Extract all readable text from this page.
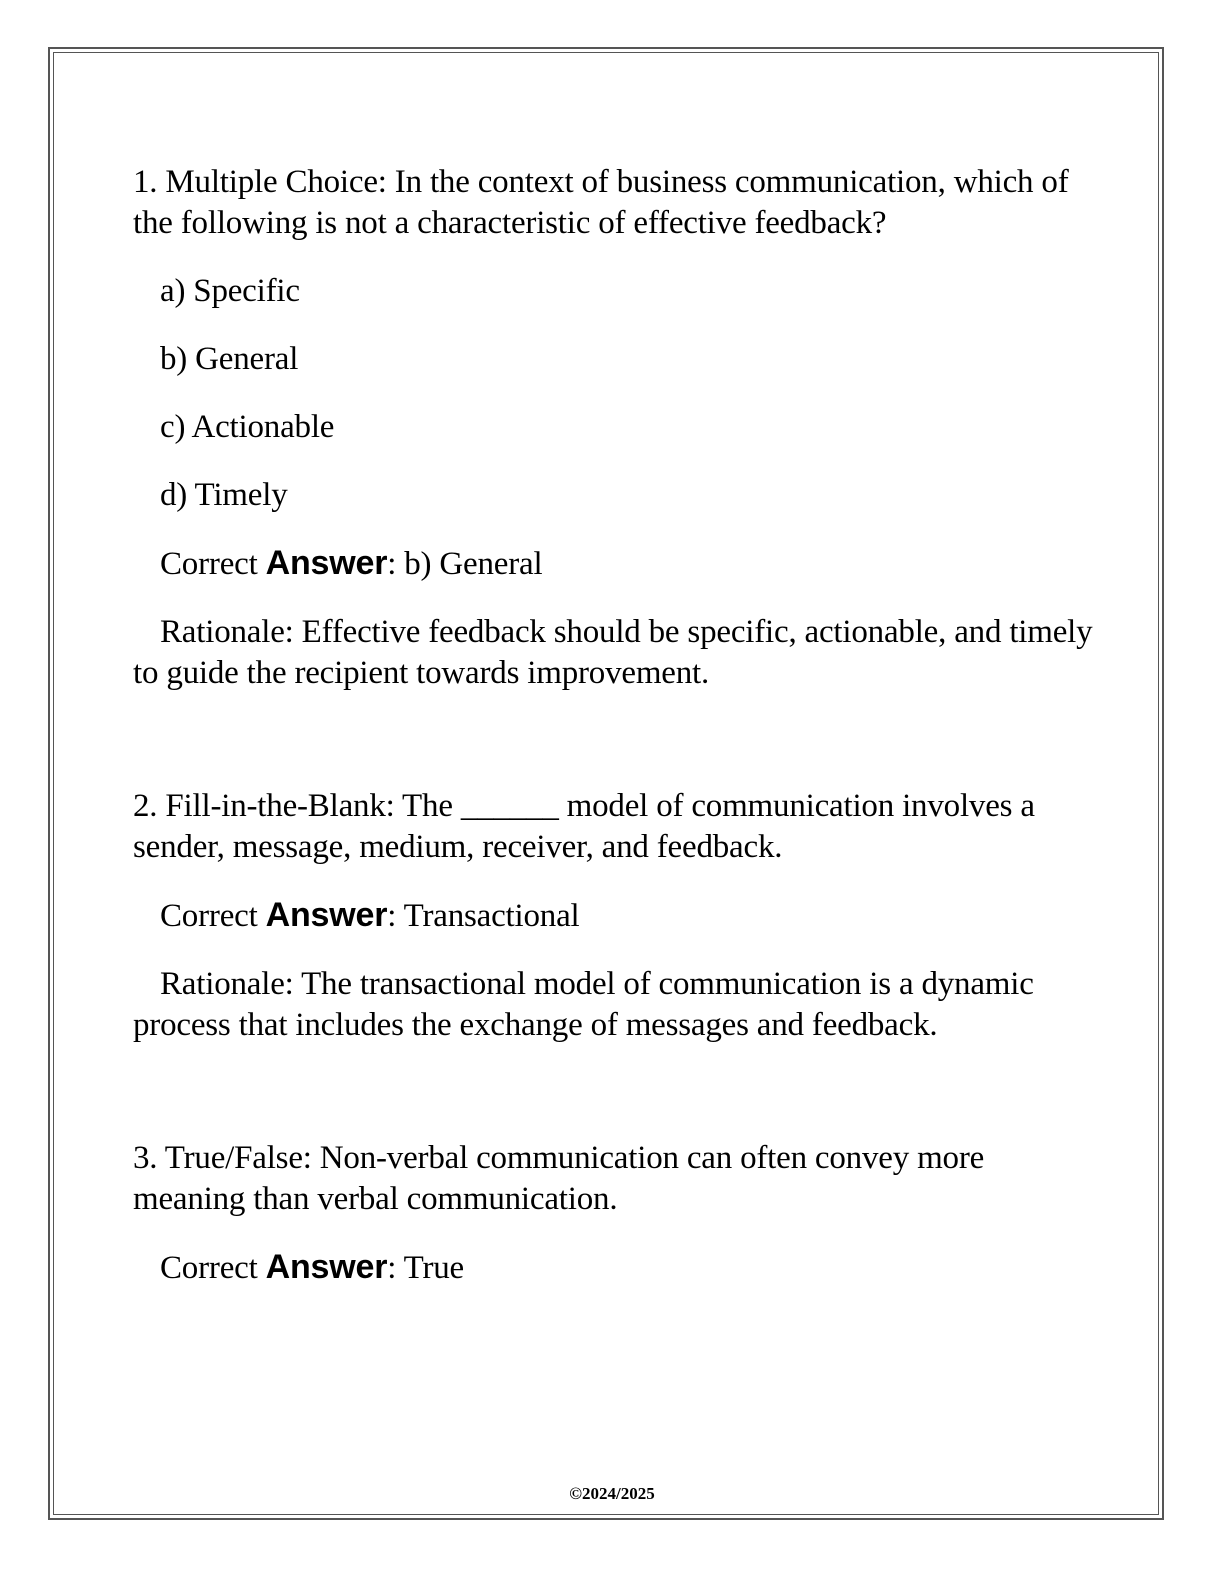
1. Multiple Choice: In the context of business communication, which of the following is not a characteristic of effective feedback?

a) Specific

b) General

c) Actionable

d) Timely

Correct Answer: b) General

Rationale: Effective feedback should be specific, actionable, and timely to guide the recipient towards improvement.

2. Fill-in-the-Blank: The ______ model of communication involves a sender, message, medium, receiver, and feedback.

Correct Answer: Transactional

Rationale: The transactional model of communication is a dynamic process that includes the exchange of messages and feedback.

3. True/False: Non-verbal communication can often convey more meaning than verbal communication.

Correct Answer: True

©2024/2025
